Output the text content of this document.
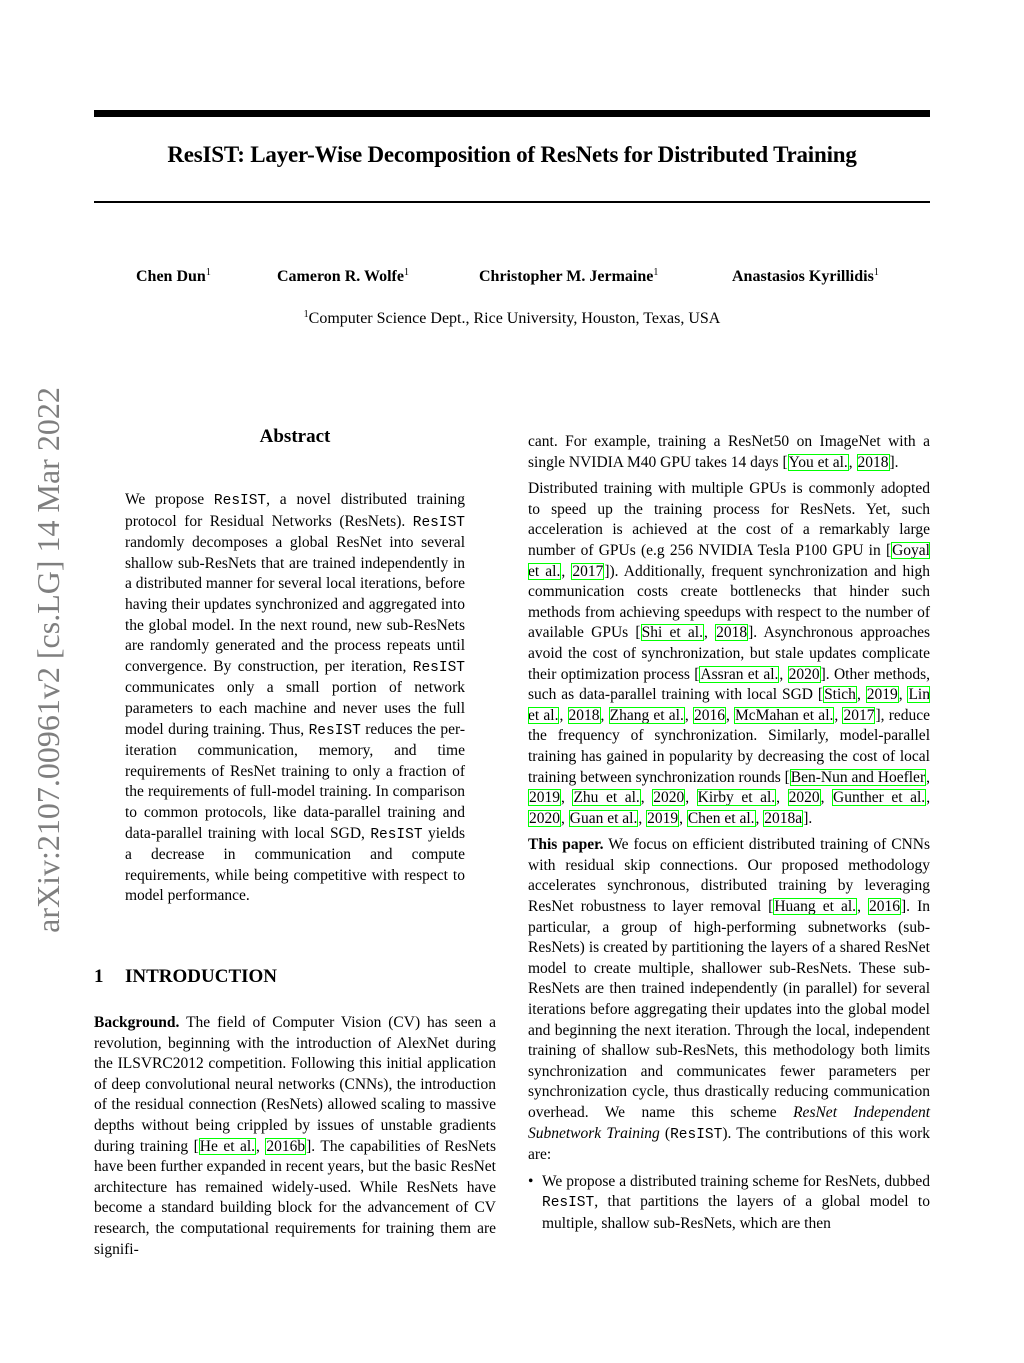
ResIST: Layer-Wise Decomposition of ResNets for Distributed Training
Chen Dun$^1$	Cameron R. Wolfe$^1$	Christopher M. Jermaine$^1$	Anastasios Kyrillidis$^1$
$^1$Computer Science Dept., Rice University, Houston, Texas, USA
arXiv:2107.00961v2 [cs.LG] 14 Mar 2022	Abstract

We propose ResIST, a novel distributed training protocol for Residual Networks (ResNets). ResIST randomly decomposes a global ResNet into several shallow sub-ResNets that are trained independently in a distributed manner for several local iterations, before having their updates synchronized and aggregated into the global model. In the next round, new sub-ResNets are randomly generated and the process repeats until convergence. By construction, per iteration, ResIST communicates only a small portion of network parameters to each machine and never uses the full model during training. Thus, ResIST reduces the per-iteration communication, memory, and time requirements of ResNet training to only a fraction of the requirements of full-model training. In comparison to common protocols, like data-parallel training and data-parallel training with local SGD, ResIST yields a decrease in communication and compute requirements, while being competitive with respect to model performance.

1 INTRODUCTION

Background. The field of Computer Vision (CV) has seen a revolution, beginning with the introduction of AlexNet during the ILSVRC2012 competition. Following this initial application of deep convolutional neural networks (CNNs), the introduction of the residual connection (ResNets) allowed scaling to massive depths without being crippled by issues of unstable gradients during training [He et al., 2016b]. The capabilities of ResNets have been further expanded in recent years, but the basic ResNet architecture has remained widely-used. While ResNets have become a standard building block for the advancement of CV research, the computational requirements for training them are signifi-

cant. For example, training a ResNet50 on ImageNet with a single NVIDIA M40 GPU takes 14 days [You et al., 2018].

Distributed training with multiple GPUs is commonly adopted to speed up the training process for ResNets. Yet, such acceleration is achieved at the cost of a remarkably large number of GPUs (e.g 256 NVIDIA Tesla P100 GPU in [Goyal et al., 2017]). Additionally, frequent synchronization and high communication costs create bottlenecks that hinder such methods from achieving speedups with respect to the number of available GPUs [Shi et al., 2018]. Asynchronous approaches avoid the cost of synchronization, but stale updates complicate their optimization process [Assran et al., 2020]. Other methods, such as data-parallel training with local SGD [Stich, 2019, Lin et al., 2018, Zhang et al., 2016, McMahan et al., 2017], reduce the frequency of synchronization. Similarly, model-parallel training has gained in popularity by decreasing the cost of local training between synchronization rounds [Ben-Nun and Hoefler, 2019, Zhu et al., 2020, Kirby et al., 2020, Gunther et al., 2020, Guan et al., 2019, Chen et al., 2018a].

This paper. We focus on efficient distributed training of CNNs with residual skip connections. Our proposed methodology accelerates synchronous, distributed training by leveraging ResNet robustness to layer removal [Huang et al., 2016]. In particular, a group of high-performing subnetworks (sub-ResNets) is created by partitioning the layers of a shared ResNet model to create multiple, shallower sub-ResNets. These sub-ResNets are then trained independently (in parallel) for several iterations before aggregating their updates into the global model and beginning the next iteration. Through the local, independent training of shallow sub-ResNets, this methodology both limits synchronization and communicates fewer parameters per synchronization cycle, thus drastically reducing communication overhead. We name this scheme ResNet Independent Subnetwork Training (ResIST). The contributions of this work are:

• We propose a distributed training scheme for ResNets, dubbed ResIST, that partitions the layers of a global model to multiple, shallow sub-ResNets, which are then
